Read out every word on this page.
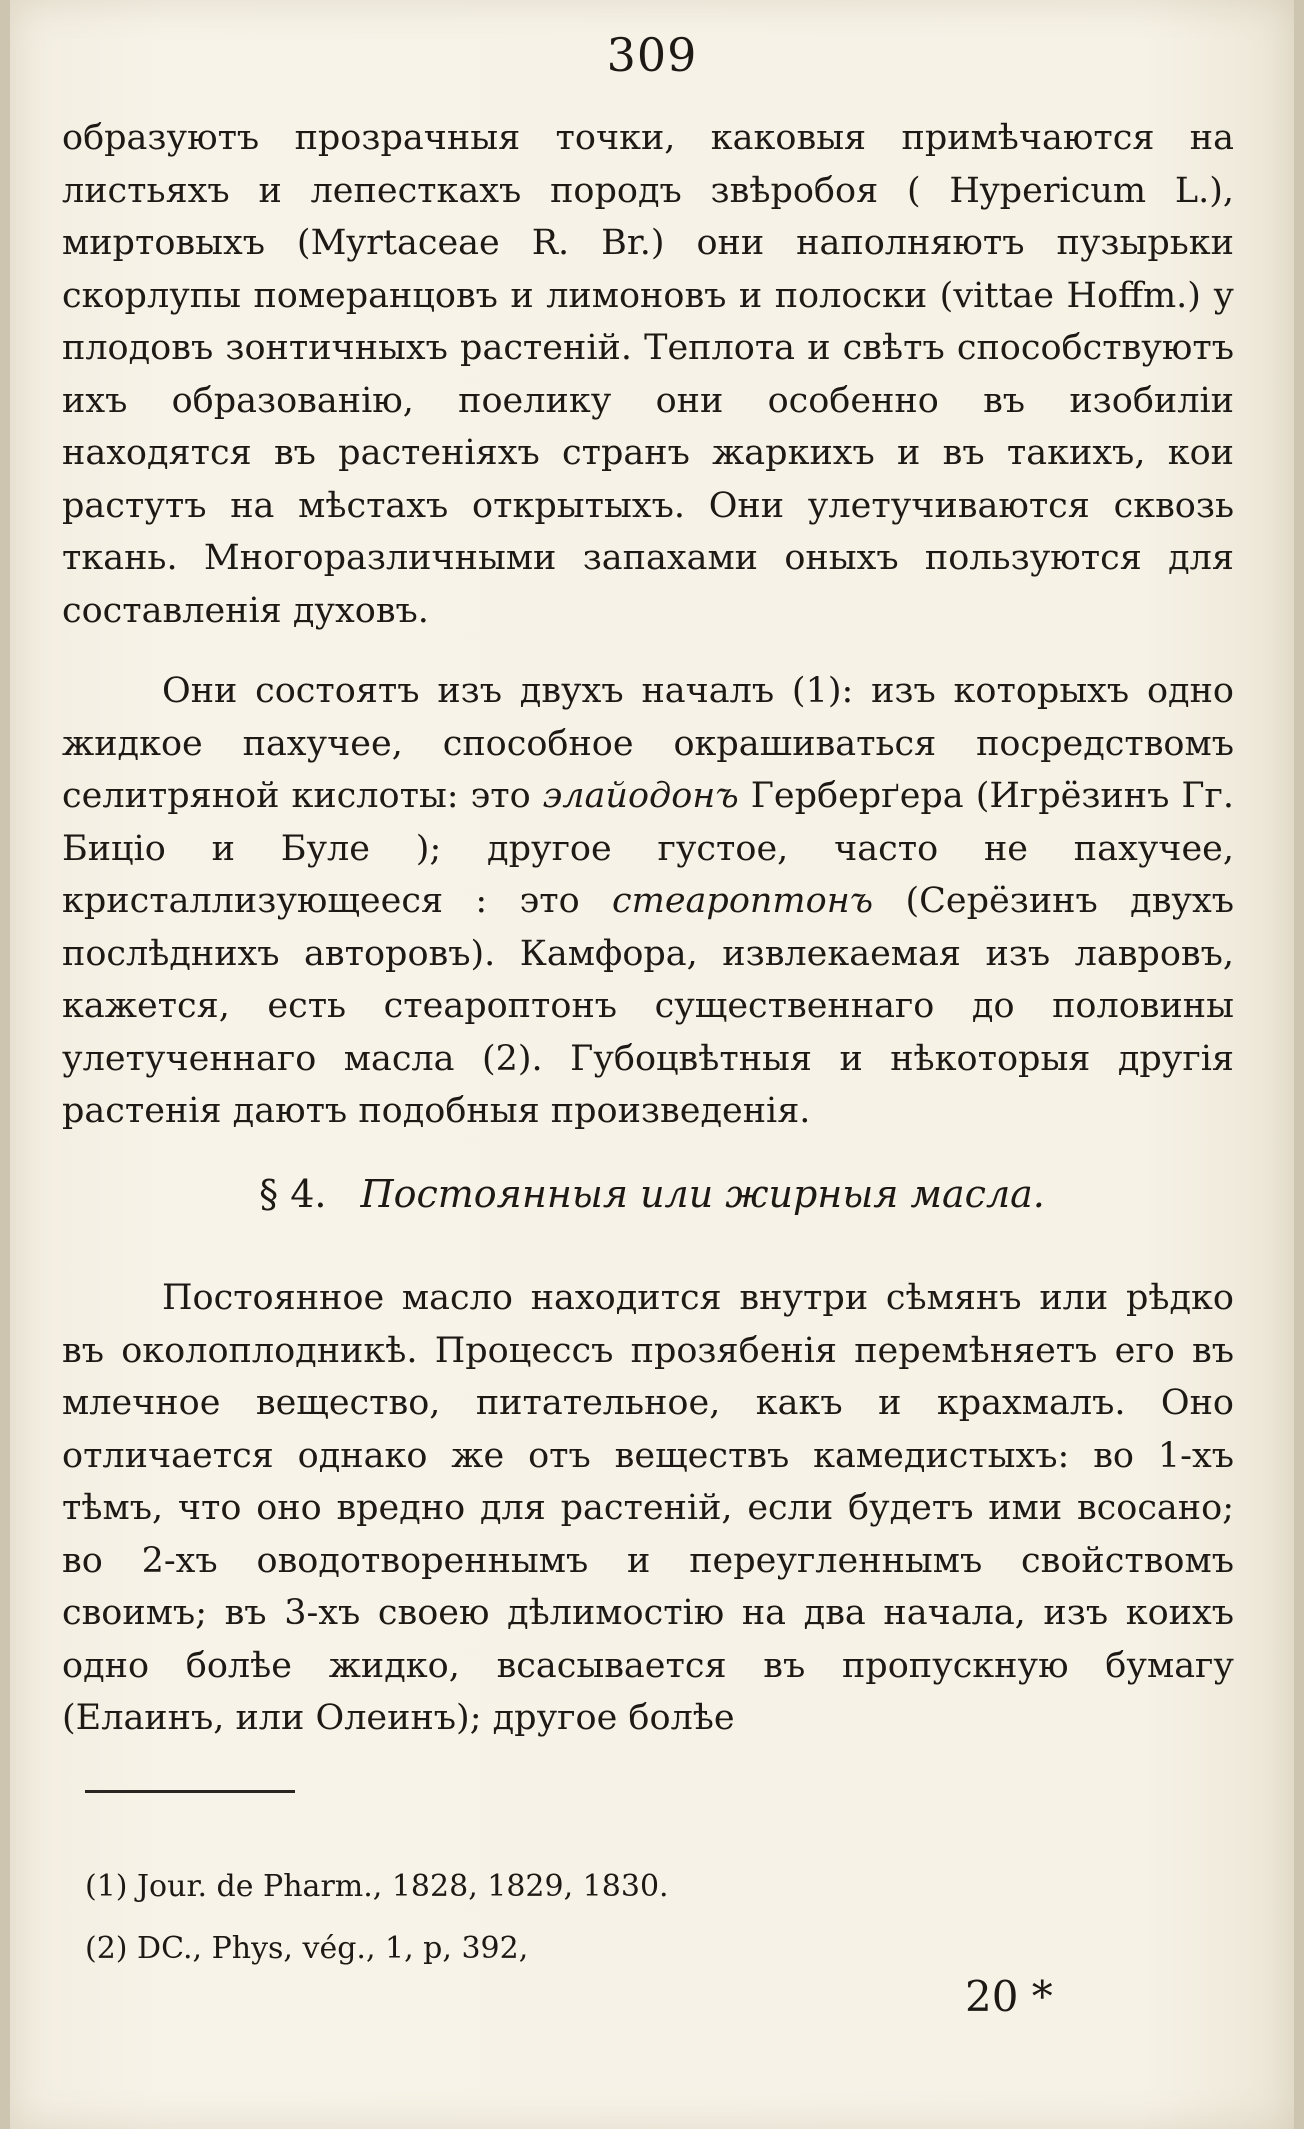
309

образуютъ прозрачныя точки, каковыя примѣчаются на листьяхъ и лепесткахъ породъ звѣробоя ( Hypericum L.), миртовыхъ (Myrtaceae R. Br.) они наполняютъ пузырьки скорлупы померанцовъ и лимоновъ и полоски (vittae Hoffm.) у плодовъ зонтичныхъ растеній. Теплота и свѣтъ способствуютъ ихъ образованію, поелику они особенно въ изобиліи находятся въ растеніяхъ странъ жаркихъ и въ такихъ, кои растутъ на мѣстахъ открытыхъ. Они улетучиваются сквозь ткань. Многоразличными запахами оныхъ пользуются для составленія духовъ.

Они состоятъ изъ двухъ началъ (1): изъ которыхъ одно жидкое пахучее, способное окрашиваться посредствомъ селитряной кислоты: это элайодонъ Герберґера (Игрёзинъ Гг. Биціо и Буле ); другое густое, часто не пахучее, кристаллизующееся : это стеароптонъ (Серёзинъ двухъ послѣднихъ авторовъ). Камфора, извлекаемая изъ лавровъ, кажется, есть стеароптонъ существеннаго до половины улетученнаго масла (2). Губоцвѣтныя и нѣкоторыя другія растенія даютъ подобныя произведенія.

§ 4. Постоянныя или жирныя масла.

Постоянное масло находится внутри сѣмянъ или рѣдко въ околоплодникѣ. Процессъ прозябенія перемѣняетъ его въ млечное вещество, питательное, какъ и крахмалъ. Оно отличается однако же отъ веществъ камедистыхъ: во 1-хъ тѣмъ, что оно вредно для растеній, если будетъ ими всосано; во 2-хъ оводотвореннымъ и переугленнымъ свойствомъ своимъ; въ 3-хъ своею дѣлимостію на два начала, изъ коихъ одно болѣе жидко, всасывается въ пропускную бумагу (Елаинъ, или Олеинъ); другое болѣе

(1) Jour. de Pharm., 1828, 1829, 1830.

(2) DC., Phys, vég., 1, p, 392,

20 *
